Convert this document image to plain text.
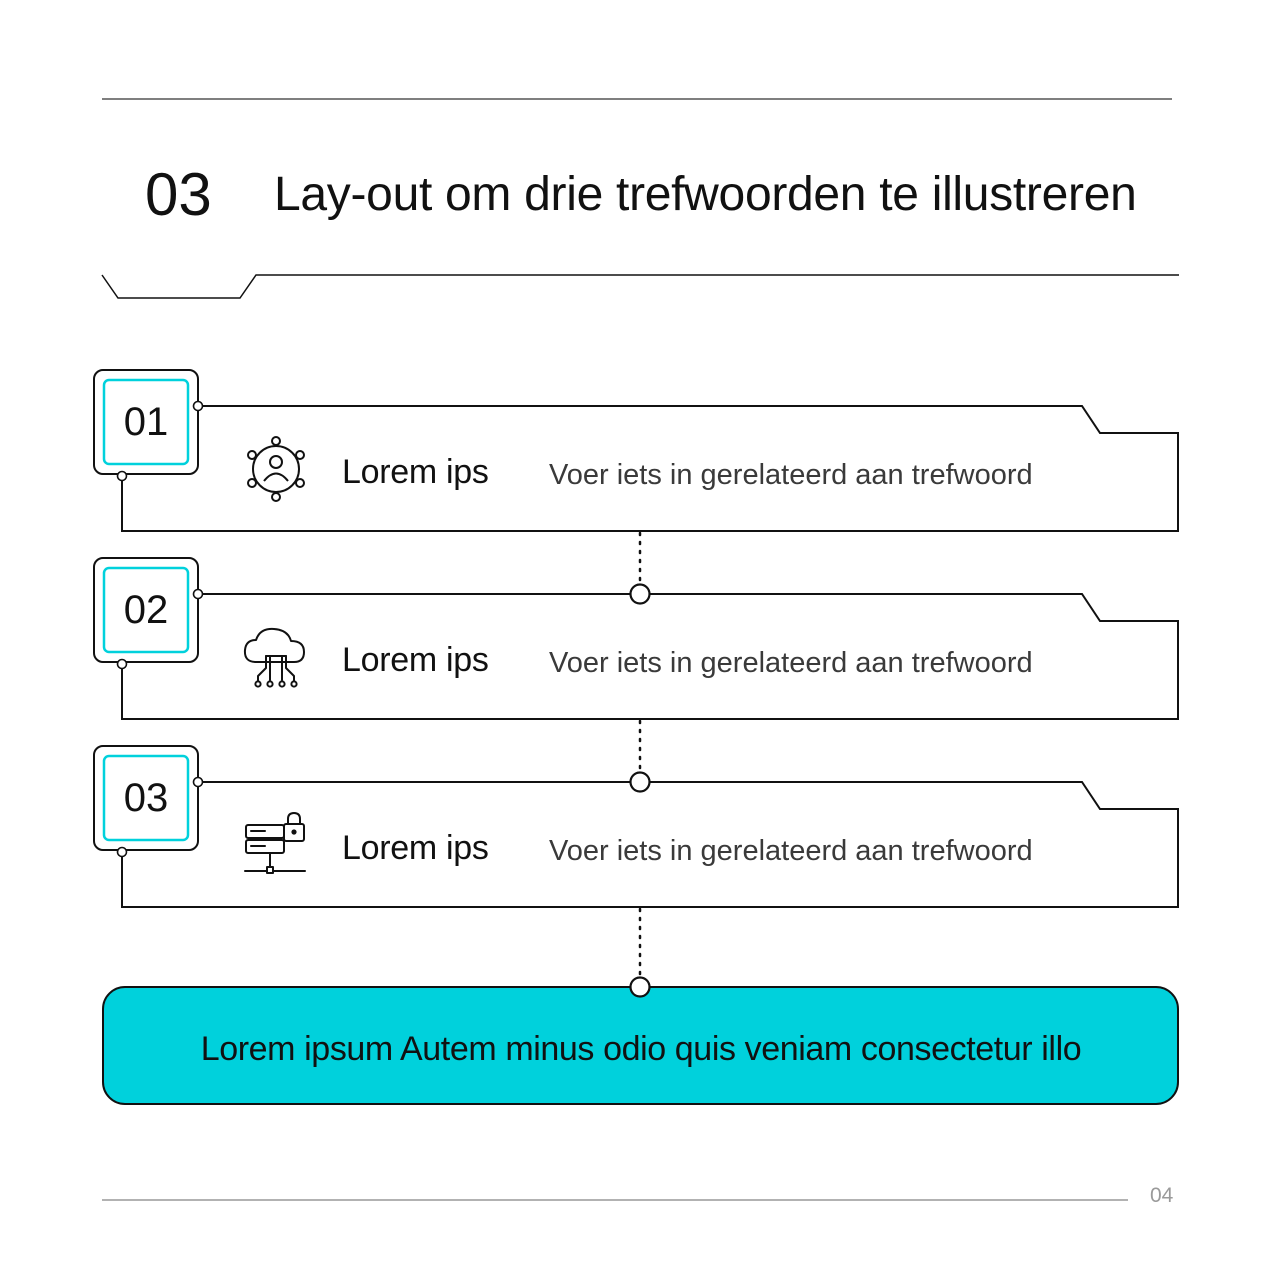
03 Lay-out om drie trefwoorden te illustreren
01
Lorem ips Voer iets in gerelateerd aan trefwoord
02
Lorem ips Voer iets in gerelateerd aan trefwoord
03
Lorem ips Voer iets in gerelateerd aan trefwoord
Lorem ipsum Autem minus odio quis veniam consectetur illo
04
